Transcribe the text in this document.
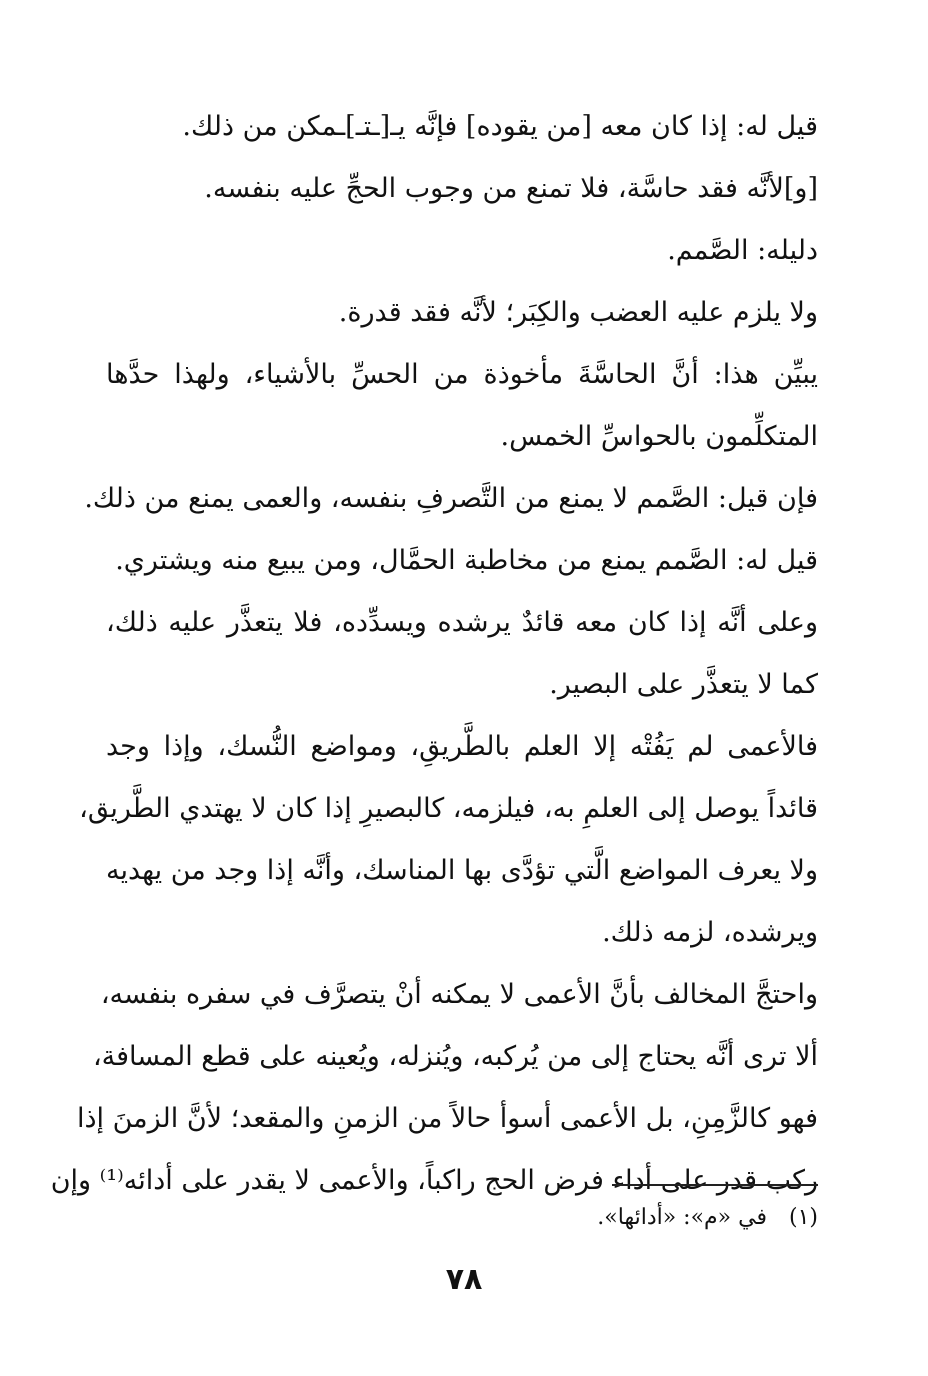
قيل له: إذا كان معه [من يقوده] فإنَّه يـ[ـتـ]ـمكن من ذلك.
[و]لأنَّه فقد حاسَّة، فلا تمنع من وجوب الحجِّ عليه بنفسه.
دليله: الصَّمم.
ولا يلزم عليه العضب والكِبَر؛ لأنَّه فقد قدرة.
يبيِّن هذا: أنَّ الحاسَّةَ مأخوذة من الحسِّ بالأشياء، ولهذا حدَّها
المتكلِّمون بالحواسِّ الخمس.
فإن قيل: الصَّمم لا يمنع من التَّصرفِ بنفسه، والعمى يمنع من ذلك.
قيل له: الصَّمم يمنع من مخاطبة الحمَّال، ومن يبيع منه ويشتري.
وعلى أنَّه إذا كان معه قائدٌ يرشده ويسدِّده، فلا يتعذَّر عليه ذلك،
كما لا يتعذَّر على البصير.
فالأعمى لم يَفُتْه إلا العلم بالطَّريقِ، ومواضع النُّسك، وإذا وجد
قائداً يوصل إلى العلمِ به، فيلزمه، كالبصيرِ إذا كان لا يهتدي الطَّريق،
ولا يعرف المواضع الَّتي تؤدَّى بها المناسك، وأنَّه إذا وجد من يهديه
ويرشده، لزمه ذلك.
واحتجَّ المخالف بأنَّ الأعمى لا يمكنه أنْ يتصرَّف في سفره بنفسه،
ألا ترى أنَّه يحتاج إلى من يُركبه، ويُنزله، ويُعينه على قطع المسافة،
فهو كالزَّمِنِ، بل الأعمى أسوأ حالاً من الزمنِ والمقعد؛ لأنَّ الزمنَ إذا
ركب قدر على أداء فرض الحج راكباً، والأعمى لا يقدر على أدائه⁽¹⁾ وإن
(١)في «م»: «أدائها».
٧٨
